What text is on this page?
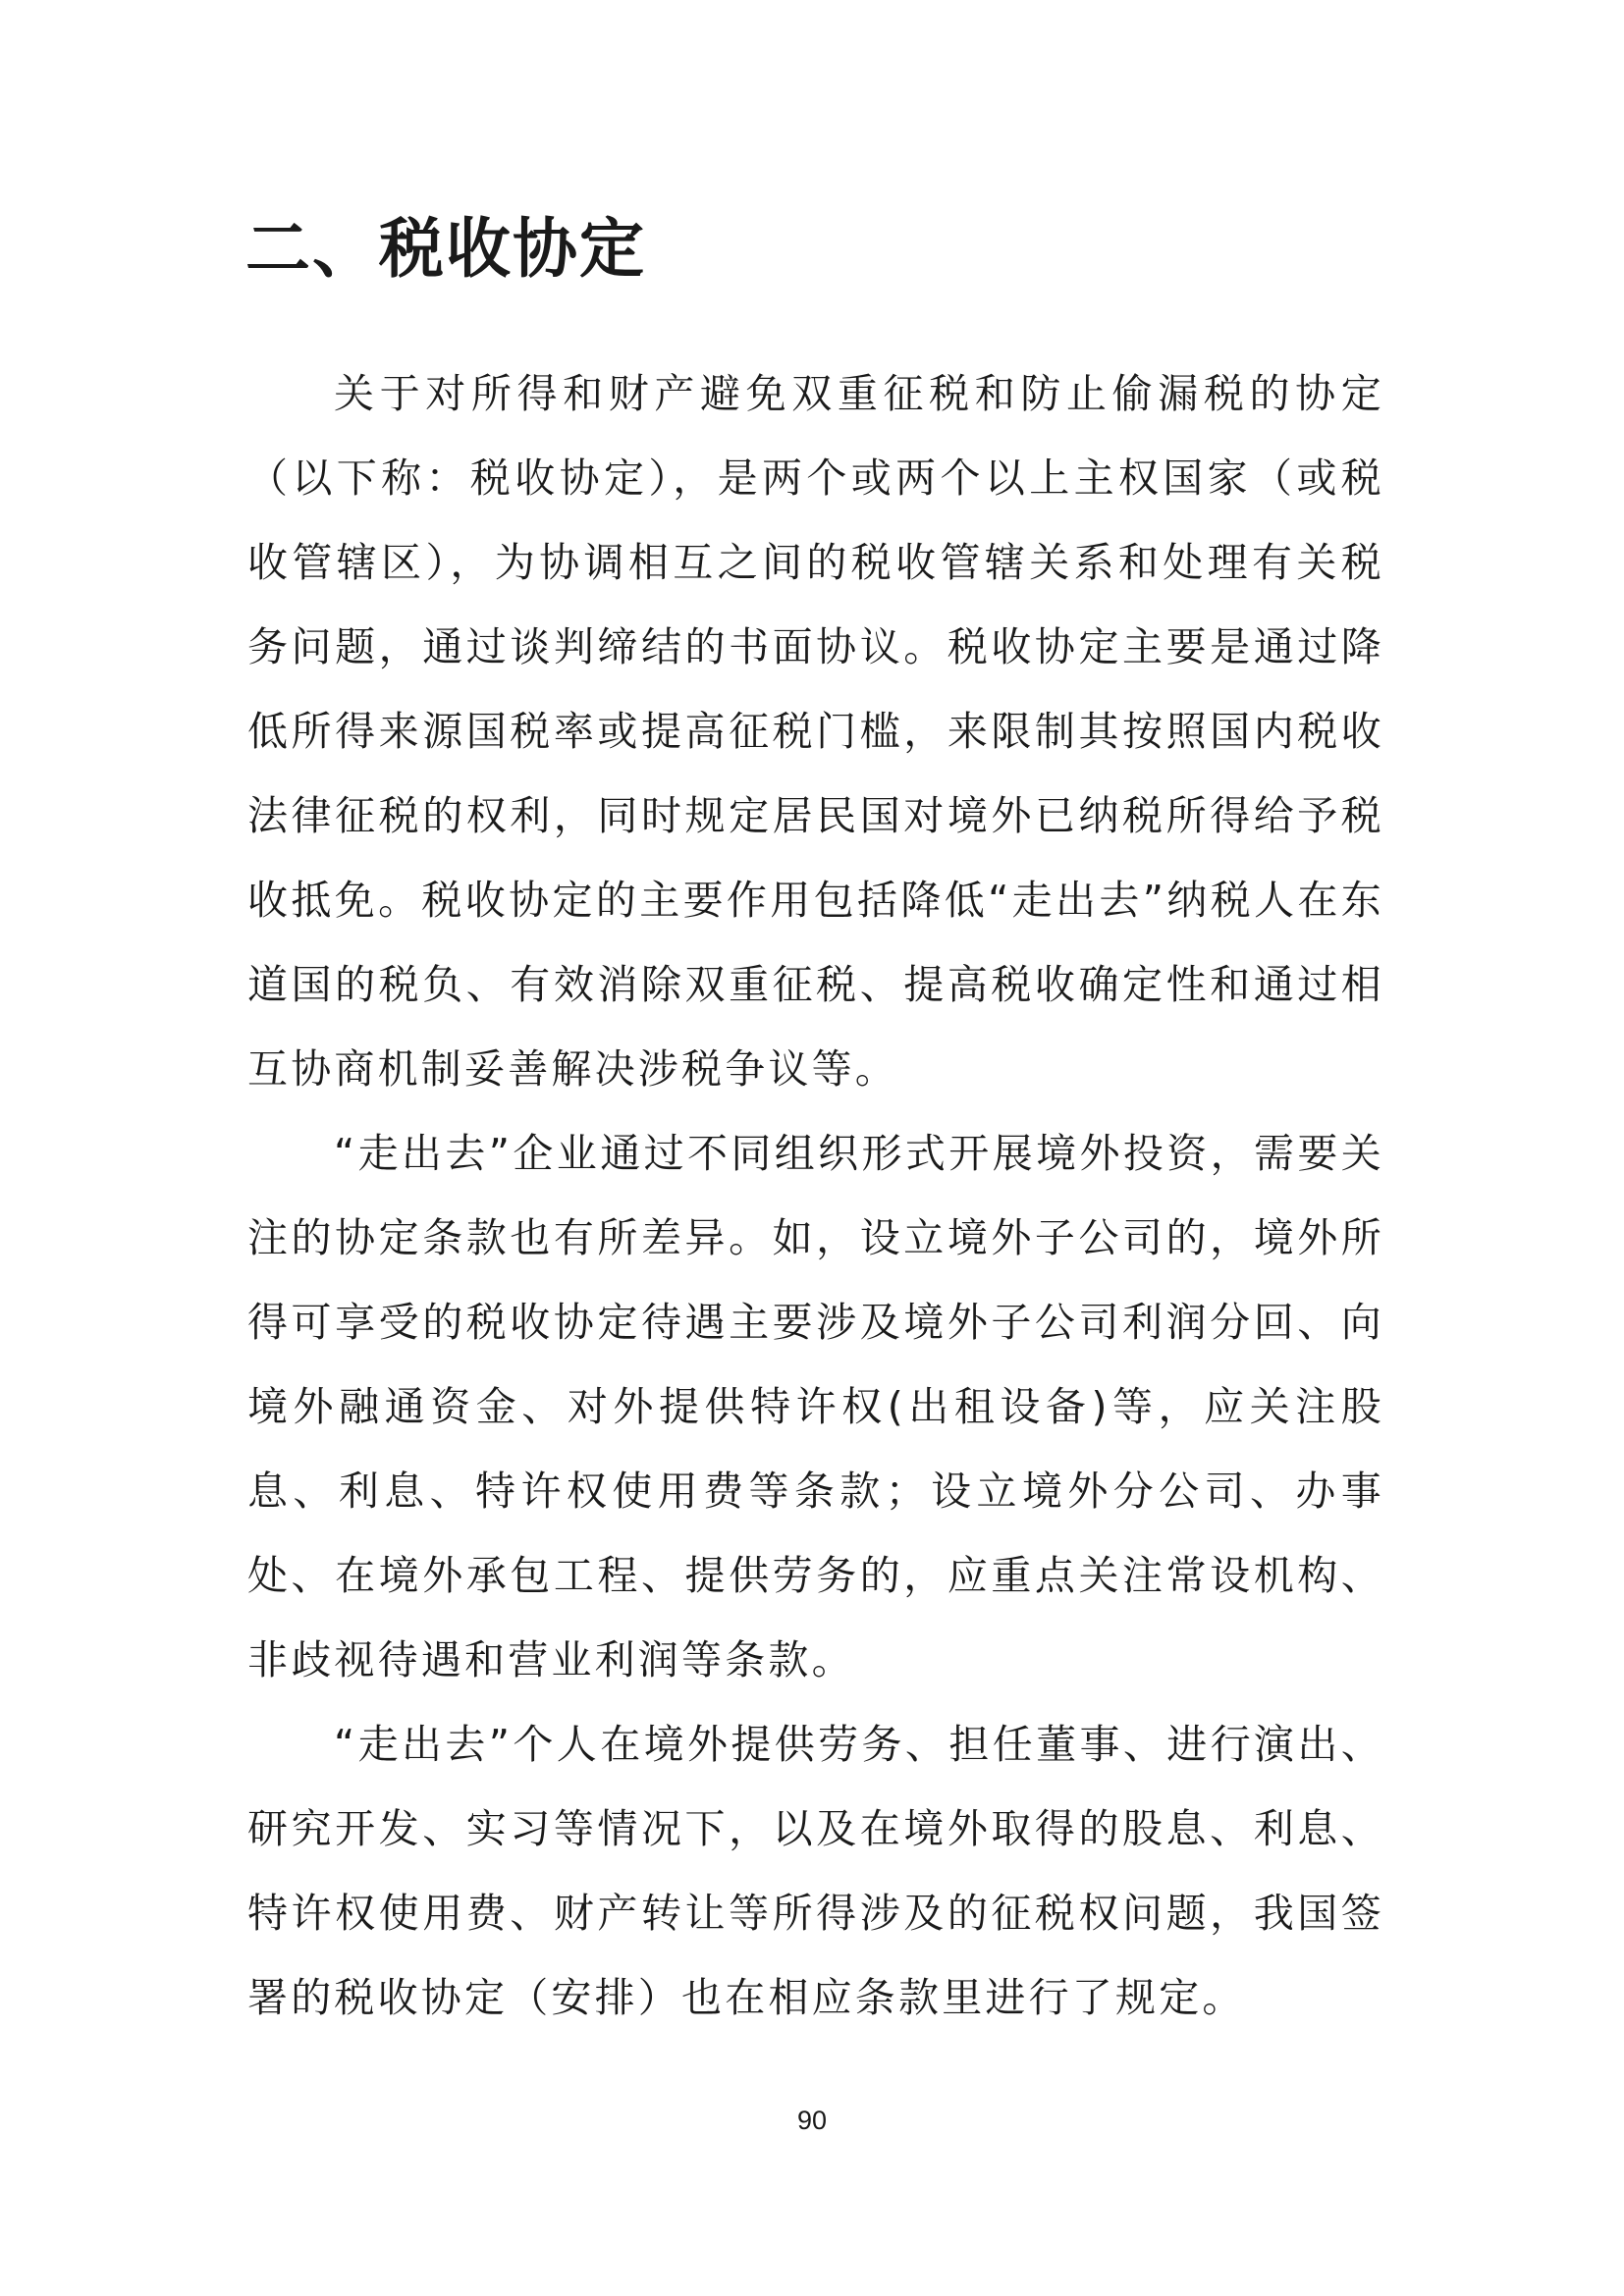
二、税收协定

关于对所得和财产避免双重征税和防止偷漏税的协定（以下称：税收协定），是两个或两个以上主权国家（或税收管辖区），为协调相互之间的税收管辖关系和处理有关税务问题，通过谈判缔结的书面协议。税收协定主要是通过降低所得来源国税率或提高征税门槛，来限制其按照国内税收法律征税的权利，同时规定居民国对境外已纳税所得给予税收抵免。税收协定的主要作用包括降低“走出去”纳税人在东道国的税负、有效消除双重征税、提高税收确定性和通过相互协商机制妥善解决涉税争议等。

“走出去”企业通过不同组织形式开展境外投资，需要关注的协定条款也有所差异。如，设立境外子公司的，境外所得可享受的税收协定待遇主要涉及境外子公司利润分回、向境外融通资金、对外提供特许权(出租设备)等，应关注股息、利息、特许权使用费等条款；设立境外分公司、办事处、在境外承包工程、提供劳务的，应重点关注常设机构、非歧视待遇和营业利润等条款。

“走出去”个人在境外提供劳务、担任董事、进行演出、研究开发、实习等情况下，以及在境外取得的股息、利息、特许权使用费、财产转让等所得涉及的征税权问题，我国签署的税收协定（安排）也在相应条款里进行了规定。

90
